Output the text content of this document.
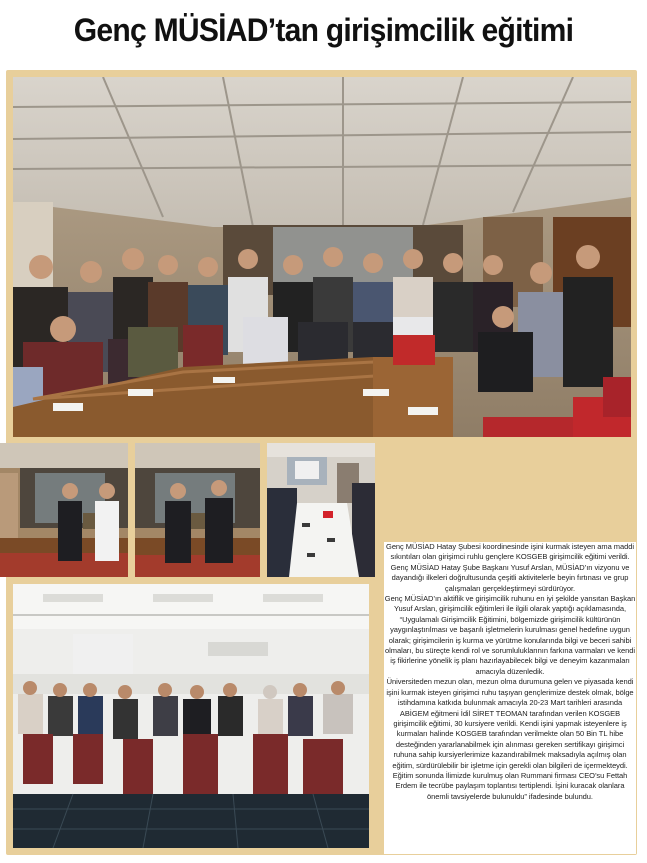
Genç MÜSİAD’tan girişimcilik eğitimi

Genç MÜSİAD Hatay Şubesi koordinesinde işini kurmak isteyen ama maddi sıkıntıları olan girişimci ruhlu gençlere KOSGEB girişimcilik eğitimi verildi. Genç MÜSİAD Hatay Şube Başkanı Yusuf Arslan, MÜSİAD’ın vizyonu ve dayandığı ilkeleri doğrultusunda çeşitli aktivitelerle beyin fırtınası ve grup çalışmaları gerçekleştirmeyi sürdürüyor.

Genç MÜSİAD’ın aktiflik ve girişimcilik ruhunu en iyi şekilde yansıtan Başkan Yusuf Arslan, girişimcilik eğitimleri ile ilgili olarak yaptığı açıklamasında, “Uygulamalı Girişimcilik Eğitimini, bölgemizde girişimcilik kültürünün yaygınlaştırılması ve başarılı işletmelerin kurulması genel hedefine uygun olarak; girişimcilerin iş kurma ve yürütme konularında bilgi ve beceri sahibi olmaları, bu süreçte kendi rol ve sorumluluklarının farkına varmaları ve kendi iş fikirlerine yönelik iş planı hazırlayabilecek bilgi ve deneyim kazanmaları amacıyla düzenledik.

Üniversiteden mezun olan, mezun olma durumuna gelen ve piyasada kendi işini kurmak isteyen girişimci ruhu taşıyan gençlerimize destek olmak, bölge istihdamına katkıda bulunmak amacıyla 20-23 Mart tarihleri arasında ABİGEM eğitmeni İdil SİRET TEOMAN tarafından verilen KOSGEB girişimcilik eğitimi, 30 kursiyere verildi. Kendi işini yapmak isteyenlere iş kurmaları halinde KOSGEB tarafından verilmekte olan 50 Bin TL hibe desteğinden yararlanabilmek için alınması gereken sertifikayı girişimci ruhuna sahip kursiyerlerimize kazandırabilmek maksadıyla açılmış olan eğitim, sürdürülebilir bir işletme için gerekli olan bilgileri de içermekteydi. Eğitim sonunda İlimizde kurulmuş olan Rummani firması CEO’su Fettah Erdem ile tecrübe paylaşım toplantısı tertiplendi. İşini kuracak olanlara önemli tavsiyelerde bulunuldu” ifadesinde bulundu.
